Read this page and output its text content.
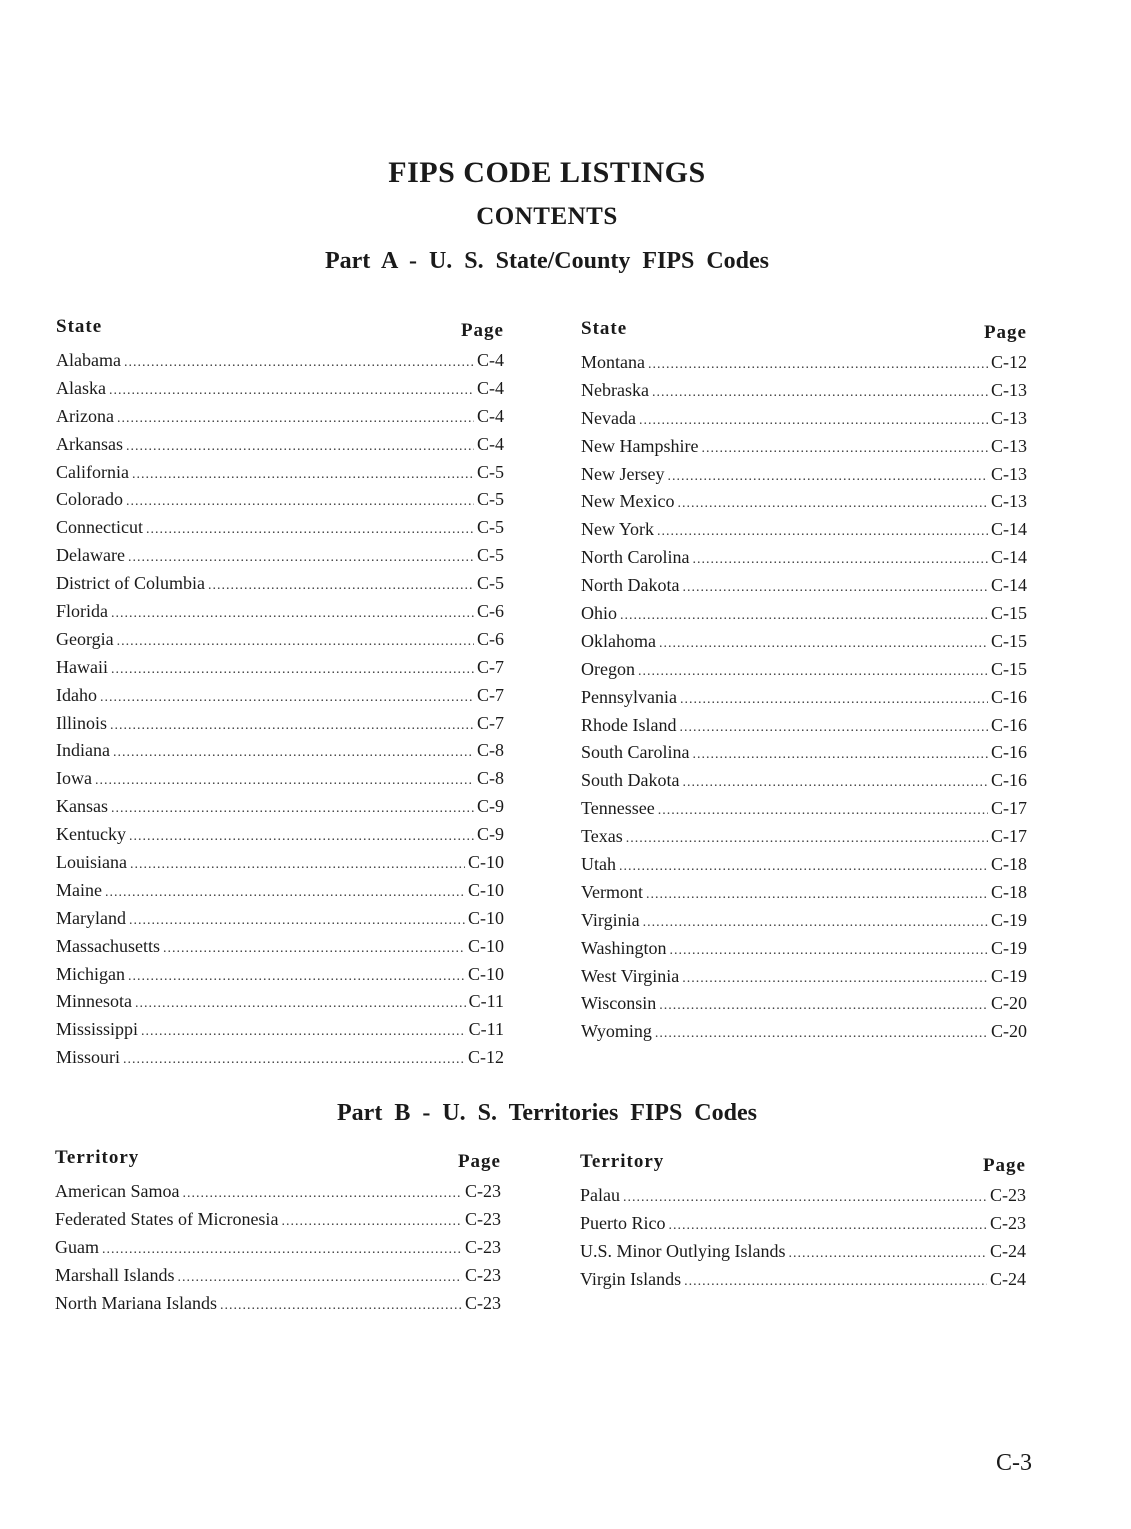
FIPS CODE LISTINGS
CONTENTS
Part A - U. S. State/County FIPS Codes
State	Page
Alabama .....	C-4
Alaska .....	C-4
Arizona .....	C-4
Arkansas .....	C-4
California .....	C-5
Colorado .....	C-5
Connecticut .....	C-5
Delaware .....	C-5
District of Columbia .....	C-5
Florida .....	C-6
Georgia .....	C-6
Hawaii .....	C-7
Idaho .....	C-7
Illinois .....	C-7
Indiana .....	C-8
Iowa .....	C-8
Kansas .....	C-9
Kentucky .....	C-9
Louisiana .....	C-10
Maine .....	C-10
Maryland .....	C-10
Massachusetts .....	C-10
Michigan .....	C-10
Minnesota .....	C-11
Mississippi .....	C-11
Missouri .....	C-12
State	Page
Montana .....	C-12
Nebraska .....	C-13
Nevada .....	C-13
New Hampshire .....	C-13
New Jersey .....	C-13
New Mexico .....	C-13
New York .....	C-14
North Carolina .....	C-14
North Dakota .....	C-14
Ohio .....	C-15
Oklahoma .....	C-15
Oregon .....	C-15
Pennsylvania .....	C-16
Rhode Island .....	C-16
South Carolina .....	C-16
South Dakota .....	C-16
Tennessee .....	C-17
Texas .....	C-17
Utah .....	C-18
Vermont .....	C-18
Virginia .....	C-19
Washington .....	C-19
West Virginia .....	C-19
Wisconsin .....	C-20
Wyoming .....	C-20
Part B - U. S. Territories FIPS Codes
Territory	Page
American Samoa .....	C-23
Federated States of Micronesia .....	C-23
Guam .....	C-23
Marshall Islands .....	C-23
North Mariana Islands .....	C-23
Territory	Page
Palau .....	C-23
Puerto Rico .....	C-23
U.S. Minor Outlying Islands .....	C-24
Virgin Islands .....	C-24
C-3
